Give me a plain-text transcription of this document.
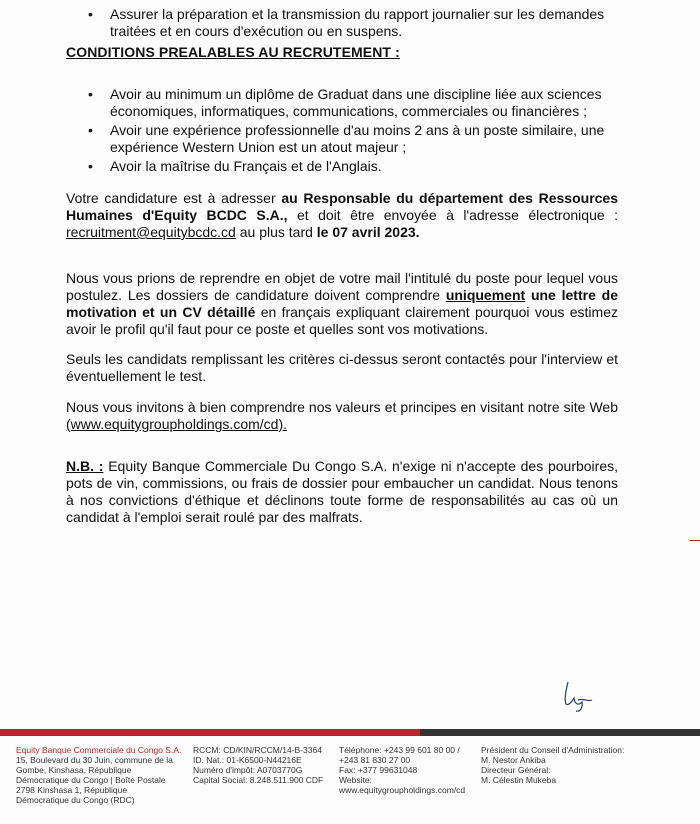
• Assurer la préparation et la transmission du rapport journalier sur les demandes traitées et en cours d'exécution ou en suspens.
CONDITIONS PREALABLES AU RECRUTEMENT :
• Avoir au minimum un diplôme de Graduat dans une discipline liée aux sciences économiques, informatiques, communications, commerciales ou financières ;
• Avoir une expérience professionnelle d'au moins 2 ans à un poste similaire, une expérience Western Union est un atout majeur ;
• Avoir la maîtrise du Français et de l'Anglais.

Votre candidature est à adresser au Responsable du département des Ressources Humaines d'Equity BCDC S.A., et doit être envoyée à l'adresse électronique : recruitment@equitybcdc.cd au plus tard le 07 avril 2023.

Nous vous prions de reprendre en objet de votre mail l'intitulé du poste pour lequel vous postulez. Les dossiers de candidature doivent comprendre uniquement une lettre de motivation et un CV détaillé en français expliquant clairement pourquoi vous estimez avoir le profil qu'il faut pour ce poste et quelles sont vos motivations.

Seuls les candidats remplissant les critères ci-dessus seront contactés pour l'interview et éventuellement le test.

Nous vous invitons à bien comprendre nos valeurs et principes en visitant notre site Web (www.equitygroupholdings.com/cd).

N.B. : Equity Banque Commerciale Du Congo S.A. n'exige ni n'accepte des pourboires, pots de vin, commissions, ou frais de dossier pour embaucher un candidat. Nous tenons à nos convictions d'éthique et déclinons toute forme de responsabilités au cas où un candidat à l'emploi serait roulé par des malfrats.

Equity Banque Commerciale du Congo S.A.
15, Boulevard du 30 Juin, commune de la
Gombe, Kinshasa, République
Démocratique du Congo | Boîte Postale
2798 Kinshasa 1, République
Démocratique du Congo (RDC)
RCCM: CD/KIN/RCCM/14-B-3364
ID. Nat.: 01-K6500-N44216E
Numéro d'impôt: A0703770G
Capital Social: 8.248.511.900 CDF
Téléphone: +243 99 601 80 00 /
+243 81 830 27 00
Fax: +377 99631048
Website:
www.equitygroupholdings.com/cd
Président du Conseil d'Administration:
M. Nestor Ankiba
Directeur Général:
M. Célestin Mukeba
